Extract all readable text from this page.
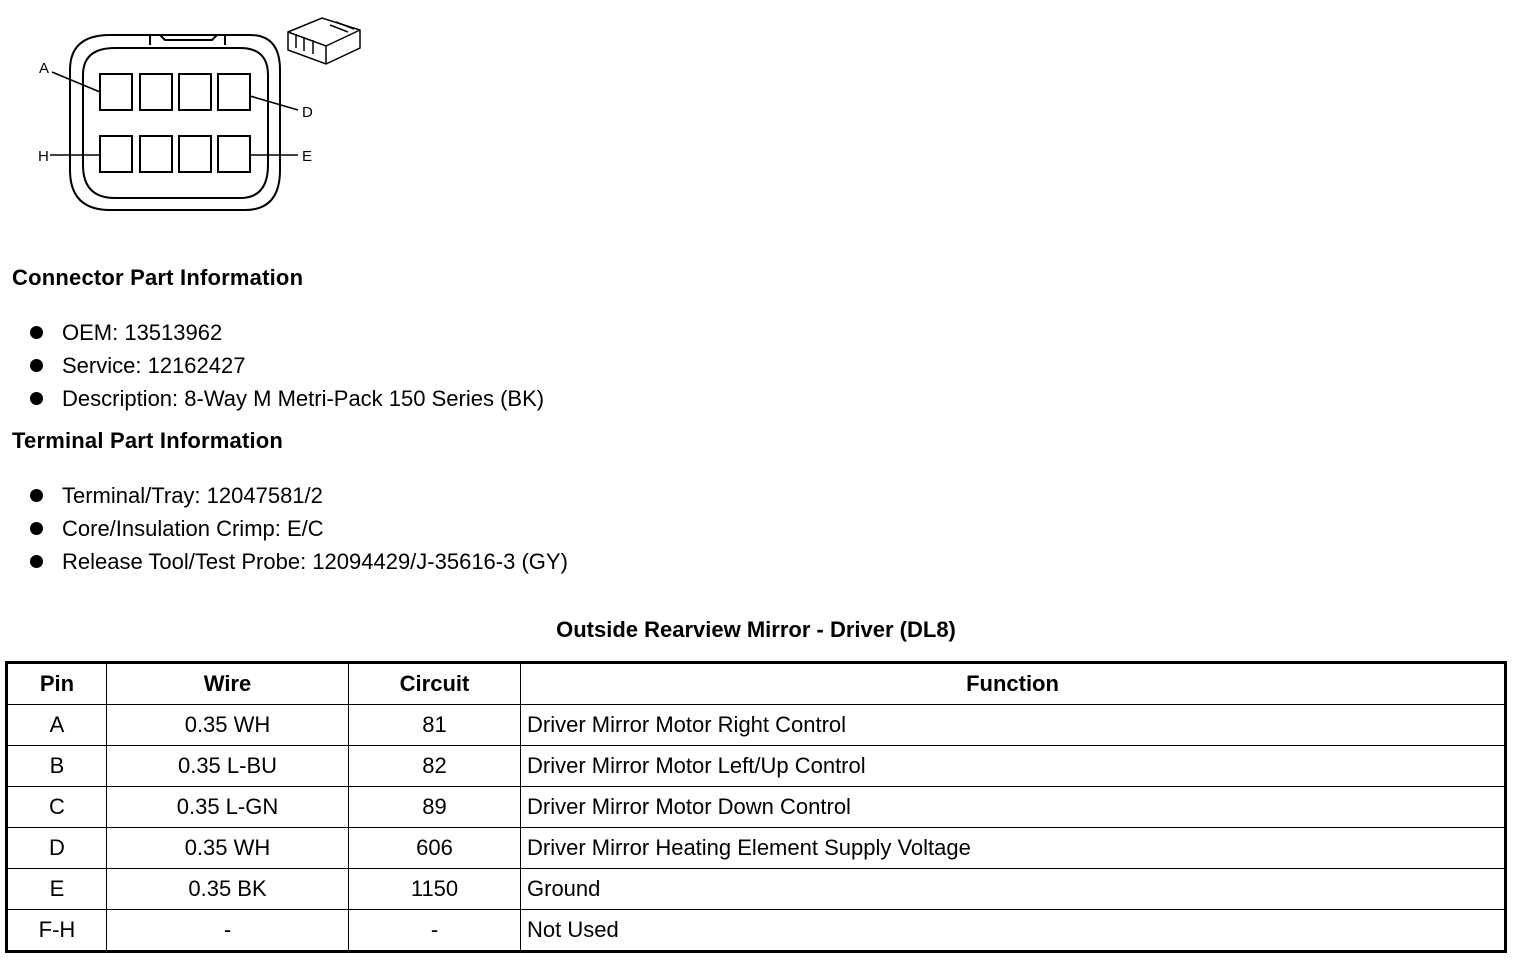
A
D
H	E
Connector Part Information
OEM: 13513962
Service: 12162427
Description: 8-Way M Metri-Pack 150 Series (BK)
Terminal Part Information
Terminal/Tray: 12047581/2
Core/Insulation Crimp: E/C
Release Tool/Test Probe: 12094429/J-35616-3 (GY)
Outside Rearview Mirror - Driver (DL8)
Pin	Wire	Circuit	Function
A	0.35 WH	81	Driver Mirror Motor Right Control
B	0.35 L-BU	82	Driver Mirror Motor Left/Up Control
C	0.35 L-GN	89	Driver Mirror Motor Down Control
D	0.35 WH	606	Driver Mirror Heating Element Supply Voltage
E	0.35 BK	1150	Ground
F-H	-	-	Not Used
